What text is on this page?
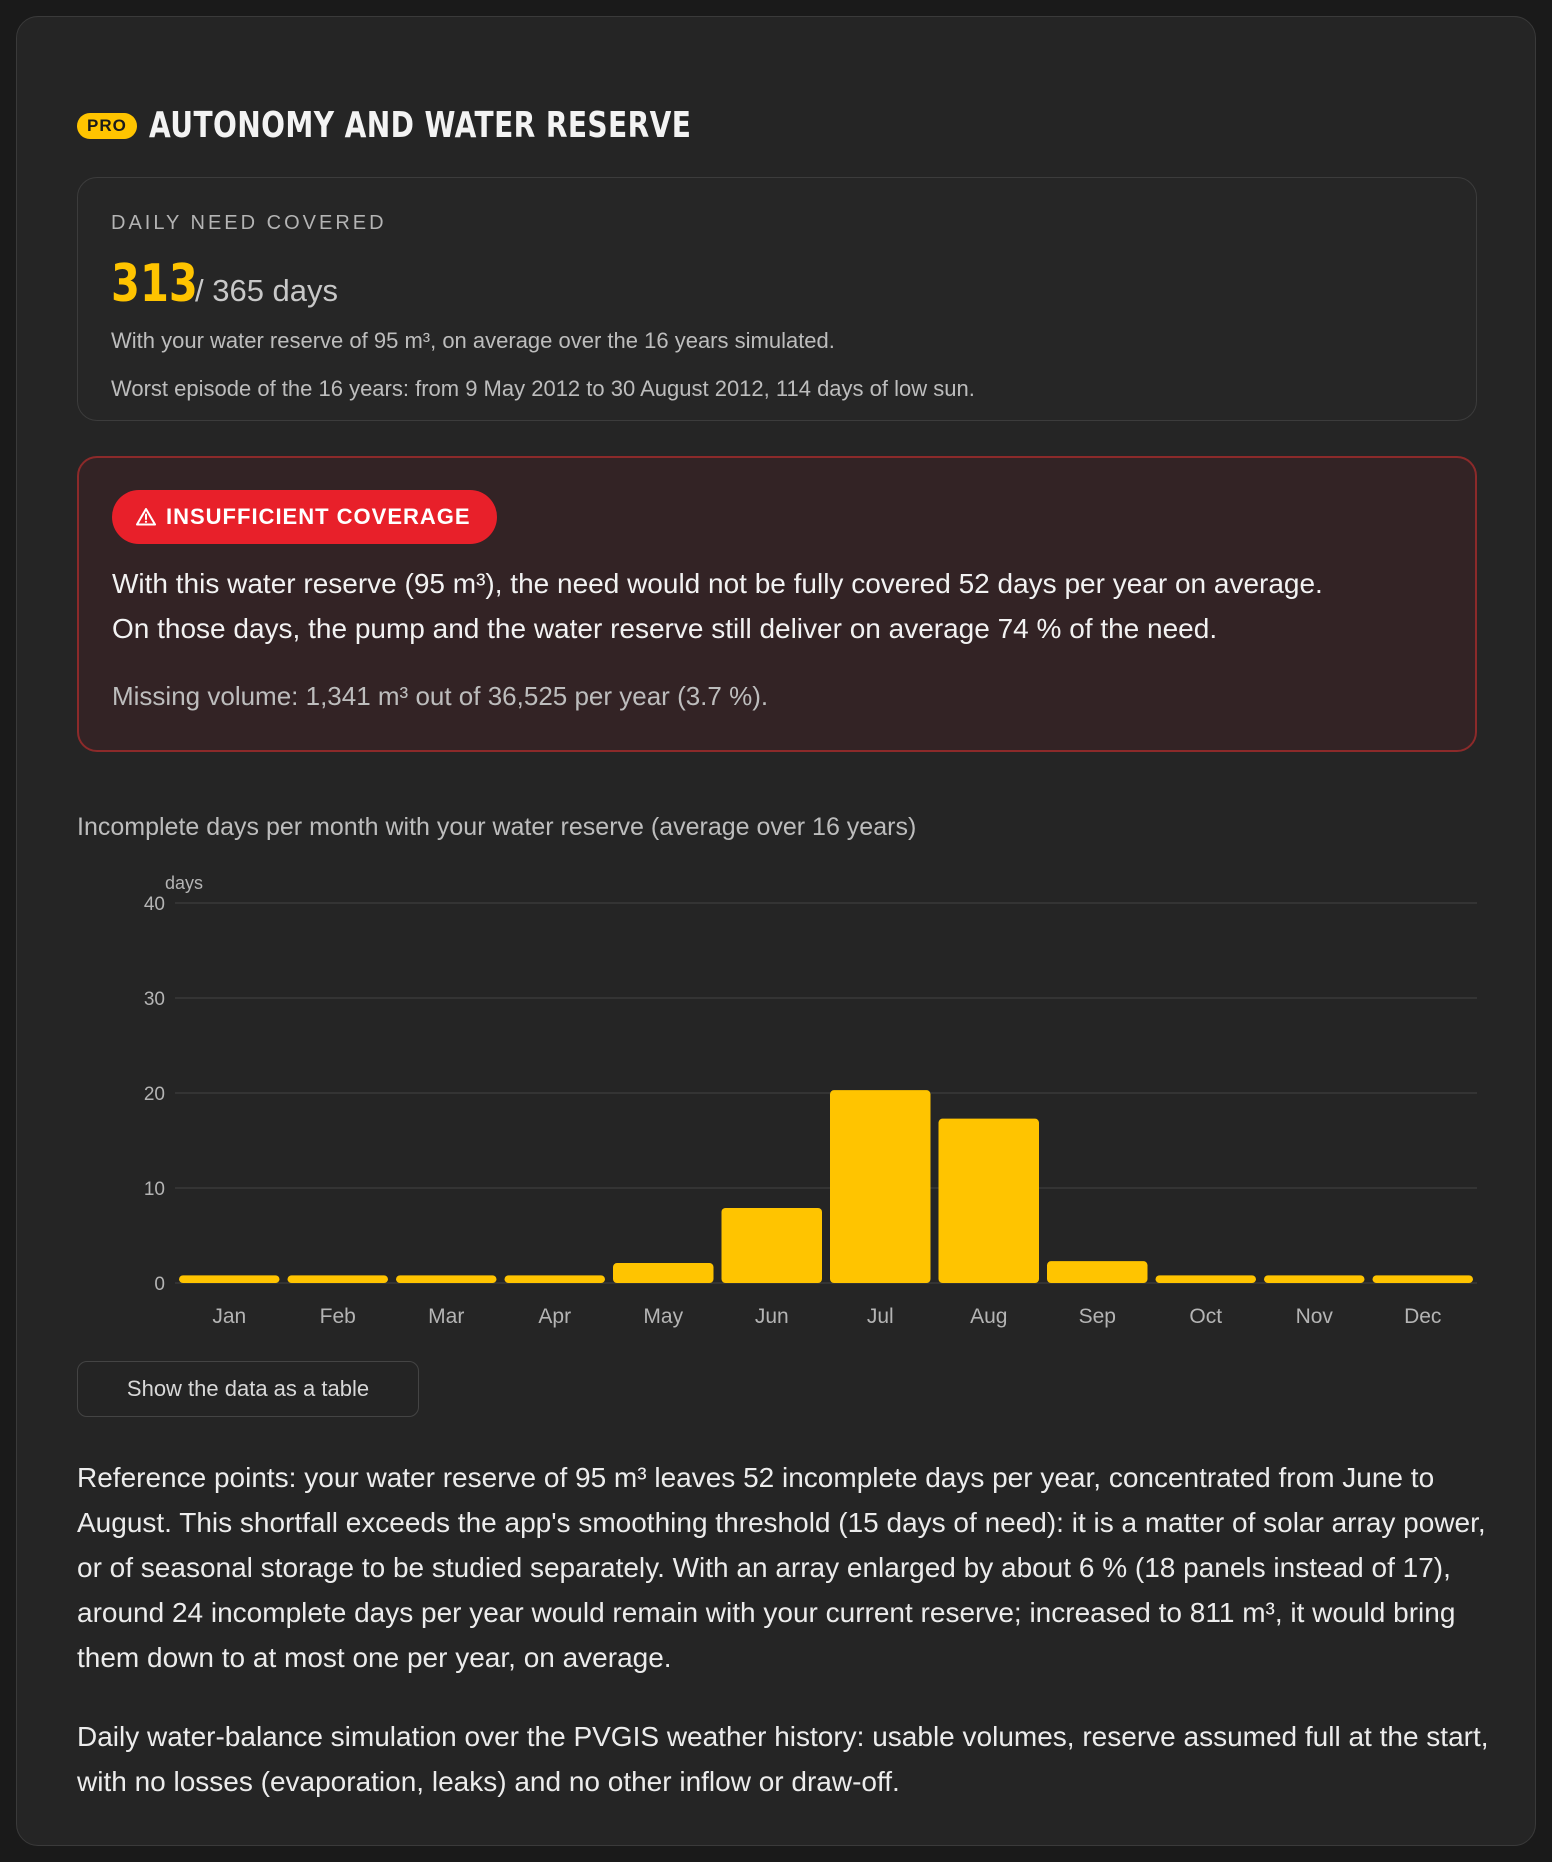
PRO AUTONOMY AND WATER RESERVE
DAILY NEED COVERED
313
/ 365 days
With your water reserve of 95 m³, on average over the 16 years simulated.
Worst episode of the 16 years: from 9 May 2012 to 30 August 2012, 114 days of low sun.
INSUFFICIENT COVERAGE
With this water reserve (95 m³), the need would not be fully covered 52 days per year on average.
On those days, the pump and the water reserve still deliver on average 74 % of the need.
Missing volume: 1,341 m³ out of 36,525 per year (3.7 %).
Incomplete days per month with your water reserve (average over 16 years)
days
0
10
20
30
40
Jan	Feb	Mar	Apr	May	Jun	Jul	Aug	Sep	Oct	Nov	Dec
Show the data as a table
Reference points: your water reserve of 95 m³ leaves 52 incomplete days per year, concentrated from June to August. This shortfall exceeds the app's smoothing threshold (15 days of need): it is a matter of solar array power, or of seasonal storage to be studied separately. With an array enlarged by about 6 % (18 panels instead of 17), around 24 incomplete days per year would remain with your current reserve; increased to 811 m³, it would bring them down to at most one per year, on average.
Daily water-balance simulation over the PVGIS weather history: usable volumes, reserve assumed full at the start, with no losses (evaporation, leaks) and no other inflow or draw-off.
